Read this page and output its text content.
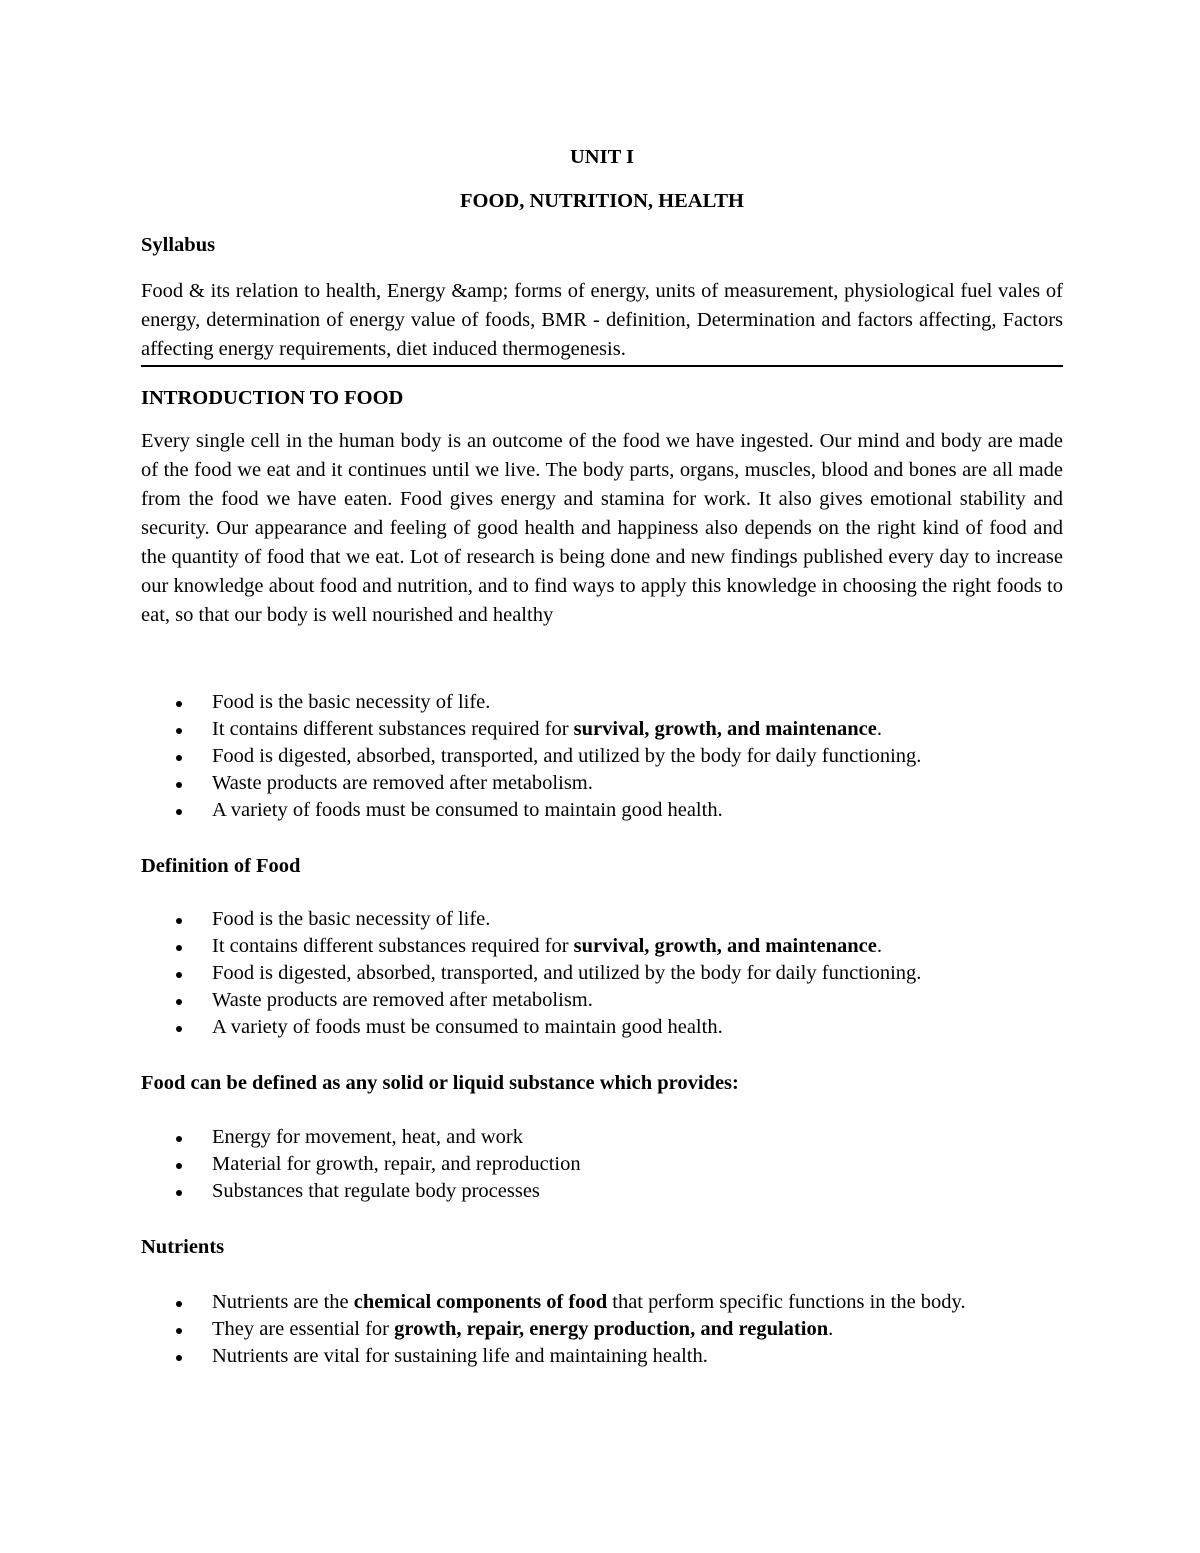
UNIT I
FOOD, NUTRITION, HEALTH
Syllabus

Food & its relation to health, Energy &amp; forms of energy, units of measurement, physiological fuel vales of energy, determination of energy value of foods, BMR - definition, Determination and factors affecting, Factors affecting energy requirements, diet induced thermogenesis.

INTRODUCTION TO FOOD

Every single cell in the human body is an outcome of the food we have ingested. Our mind and body are made of the food we eat and it continues until we live. The body parts, organs, muscles, blood and bones are all made from the food we have eaten. Food gives energy and stamina for work. It also gives emotional stability and security. Our appearance and feeling of good health and happiness also depends on the right kind of food and the quantity of food that we eat. Lot of research is being done and new findings published every day to increase our knowledge about food and nutrition, and to find ways to apply this knowledge in choosing the right foods to eat, so that our body is well nourished and healthy

Food is the basic necessity of life.
It contains different substances required for survival, growth, and maintenance.
Food is digested, absorbed, transported, and utilized by the body for daily functioning.
Waste products are removed after metabolism.
A variety of foods must be consumed to maintain good health.
Definition of Food
Food is the basic necessity of life.
It contains different substances required for survival, growth, and maintenance.
Food is digested, absorbed, transported, and utilized by the body for daily functioning.
Waste products are removed after metabolism.
A variety of foods must be consumed to maintain good health.
Food can be defined as any solid or liquid substance which provides:
Energy for movement, heat, and work
Material for growth, repair, and reproduction
Substances that regulate body processes
Nutrients
Nutrients are the chemical components of food that perform specific functions in the body.
They are essential for growth, repair, energy production, and regulation.
Nutrients are vital for sustaining life and maintaining health.
